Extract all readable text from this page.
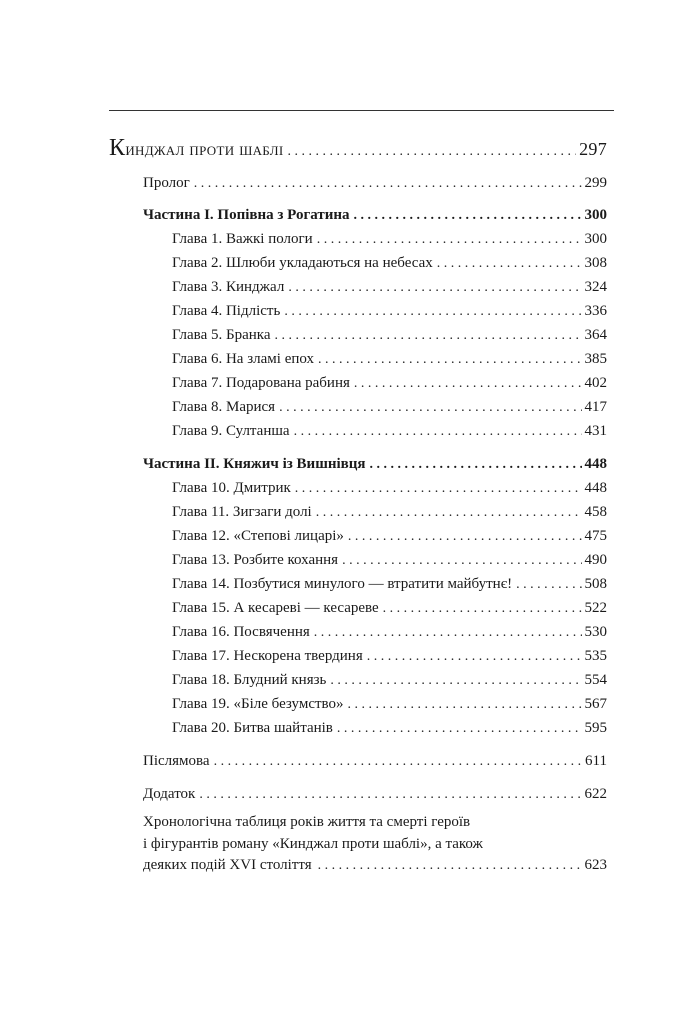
Кинджал проти шаблі . . .	297
Пролог . . .	299
Частина І. Попівна з Рогатина . . .	300
Глава 1. Важкі пологи . . .	300
Глава 2. Шлюби укладаються на небесах . . .	308
Глава 3. Кинджал . . .	324
Глава 4. Підлість . . .	336
Глава 5. Бранка . . .	364
Глава 6. На зламі епох . . .	385
Глава 7. Подарована рабиня . . .	402
Глава 8. Марися . . .	417
Глава 9. Султанша . . .	431
Частина ІІ. Княжич із Вишнівця . . .	448
Глава 10. Дмитрик . . .	448
Глава 11. Зигзаги долі . . .	458
Глава 12. «Степові лицарі» . . .	475
Глава 13. Розбите кохання . . .	490
Глава 14. Позбутися минулого — втратити майбутнє! . . .	508
Глава 15. А кесареві — кесареве . . .	522
Глава 16. Посвячення . . .	530
Глава 17. Нескорена твердиня . . .	535
Глава 18. Блудний князь . . .	554
Глава 19. «Біле безумство» . . .	567
Глава 20. Битва шайтанів . . .	595
Післямова . . .	611
Додаток . . .	622
Хронологічна таблиця років життя та смерті героїв
і фігурантів роману «Кинджал проти шаблі», а також
деяких подій XVI століття . . .	623
